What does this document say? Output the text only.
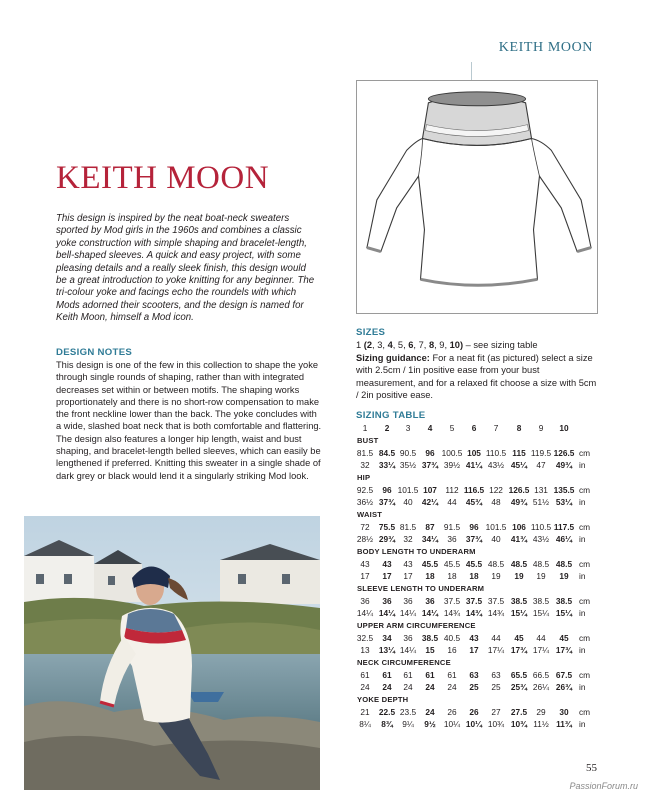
KEITH MOON
KEITH MOON
This design is inspired by the neat boat-neck sweaters sported by Mod girls in the 1960s and combines a classic yoke construction with simple shaping and bracelet-length, bell-shaped sleeves. A quick and easy project, with some pleasing details and a really sleek finish, this design would be a great introduction to yoke knitting for any beginner. The tri-colour yoke and facings echo the roundels with which Mods adorned their scooters, and the design is named for Keith Moon, himself a Mod icon.
DESIGN NOTES
This design is one of the few in this collection to shape the yoke through single rounds of shaping, rather than with integrated decreases set within or between motifs. The shaping works proportionately and there is no short-row compensation to make the front neckline lower than the back. The yoke concludes with a wide, slashed boat neck that is both comfortable and flattering. The design also features a longer hip length, waist and bust shaping, and bracelet-length belled sleeves, which can easily be lengthened if preferred. Knitting this sweater in a single shade of dark grey or black would lend it a singularly striking Mod look.
SIZES
1 (2, 3, 4, 5, 6, 7, 8, 9, 10) – see sizing table
Sizing guidance: For a neat fit (as pictured) select a size with 2.5cm / 1in positive ease from your bust measurement, and for a relaxed fit choose a size with 5cm / 2in positive ease.
SIZING TABLE
1	2	3	4	5	6	7	8	9	10
BUST
81.5 84.5 90.5	96 100.5 105 110.5 115 119.5 126.5 cm
32	33¼ 35½ 37¾ 39½ 41¼ 43½ 45¼	47	49¾ in
HIP
92.5	96 101.5 107	112 116.5 122 126.5 131 135.5 cm
36½ 37¾ 40	42¼	44	45¾	48	49¾ 51½ 53¼ in
WAIST
72	75.5 81.5	87	91.5	96 101.5 106 110.5 117.5 cm
28½ 29¾ 32	34¼	36	37¾	40	41¾ 43½ 46¼ in
BODY LENGTH TO UNDERARM
43	43	43	45.5 45.5 45.5 48.5 48.5 48.5 48.5 cm
17	17	17	18	18	18	19	19	19	19	in
SLEEVE LENGTH TO UNDERARM
36	36	36	36	37.5 37.5 37.5 38.5 38.5 38.5 cm
14¼ 14¼ 14¼ 14¼ 14¾ 14¾ 14¾ 15¼ 15¼ 15¼ in
UPPER ARM CIRCUMFERENCE
32.5	34	36	38.5 40.5	43	44	45	44	45	cm
13	13¼ 14¼	15	16	17	17¼ 17¾ 17¼ 17¾ in
NECK CIRCUMFERENCE
61	61	61	61	61	63	63	65.5 66.5 67.5 cm
24	24	24	24	24	25	25	25¾ 26¼ 26¾ in
YOKE DEPTH
21	22.5 23.5	24	26	26	27	27.5	29	30	cm
8¼	8¾	9¼	9½ 10¼ 10¼ 10¾ 10¾ 11½ 11¾ in
55
PassionForum.ru
